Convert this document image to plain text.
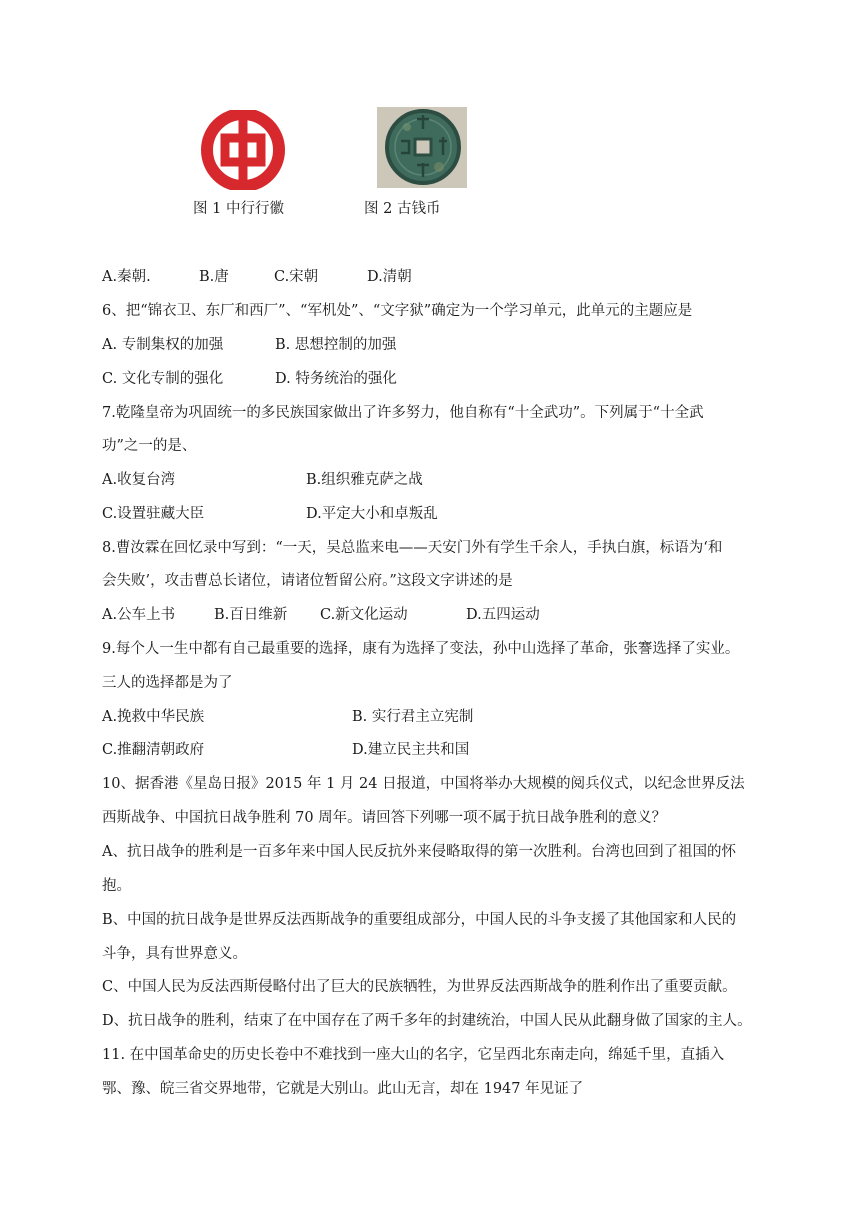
图 1 中行行徽	图 2 古钱币
A.秦朝.	B.唐	C.宋朝	D.清朝

6、把“锦衣卫、东厂和西厂”、“军机处”、“文字狱”确定为一个学习单元，此单元的主题应是

A. 专制集权的加强	B. 思想控制的加强
C. 文化专制的强化	D. 特务统治的强化

7.乾隆皇帝为巩固统一的多民族国家做出了许多努力，他自称有“十全武功”。下列属于“十全武

功”之一的是、

A.收复台湾	B.组织雅克萨之战
C.设置驻藏大臣	D.平定大小和卓叛乱

8.曹汝霖在回忆录中写到：“一天，吴总监来电——天安门外有学生千余人，手执白旗，标语为‘和

会失败’，攻击曹总长诸位，请诸位暂留公府。”这段文字讲述的是

A.公车上书	B.百日维新 C.新文化运动	D.五四运动

9.每个人一生中都有自己最重要的选择，康有为选择了变法，孙中山选择了革命，张謇选择了实业。

三人的选择都是为了

A.挽救中华民族	B. 实行君主立宪制
C.推翻清朝政府	D.建立民主共和国

10、据香港《星岛日报》2015 年 1 月 24 日报道，中国将举办大规模的阅兵仪式，以纪念世界反法

西斯战争、中国抗日战争胜利 70 周年。请回答下列哪一项不属于抗日战争胜利的意义？

A、抗日战争的胜利是一百多年来中国人民反抗外来侵略取得的第一次胜利。台湾也回到了祖国的怀

抱。

B、中国的抗日战争是世界反法西斯战争的重要组成部分，中国人民的斗争支援了其他国家和人民的

斗争，具有世界意义。

C、中国人民为反法西斯侵略付出了巨大的民族牺牲，为世界反法西斯战争的胜利作出了重要贡献。

D、抗日战争的胜利，结束了在中国存在了两千多年的封建统治，中国人民从此翻身做了国家的主人。

11. 在中国革命史的历史长卷中不难找到一座大山的名字，它呈西北东南走向，绵延千里，直插入

鄂、豫、皖三省交界地带，它就是大别山。此山无言，却在 1947 年见证了
